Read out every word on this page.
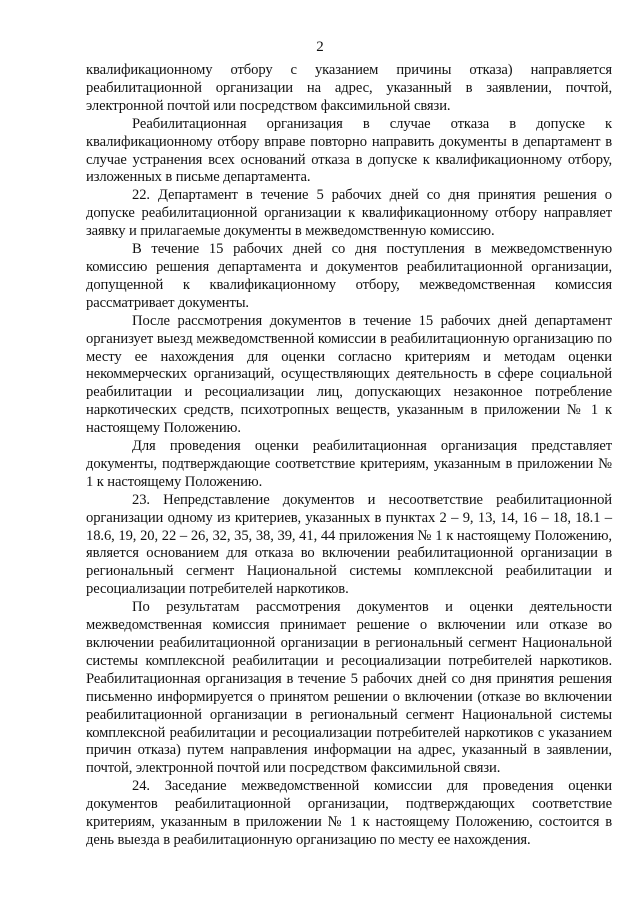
2

квалификационному отбору с указанием причины отказа) направляется реабилитационной организации на адрес, указанный в заявлении, почтой, электронной почтой или посредством факсимильной связи.

Реабилитационная организация в случае отказа в допуске к квалификационному отбору вправе повторно направить документы в департамент в случае устранения всех оснований отказа в допуске к квалификационному отбору, изложенных в письме департамента.

22. Департамент в течение 5 рабочих дней со дня принятия решения о допуске реабилитационной организации к квалификационному отбору направляет заявку и прилагаемые документы в межведомственную комиссию.

В течение 15 рабочих дней со дня поступления в межведомственную комиссию решения департамента и документов реабилитационной организации, допущенной к квалификационному отбору, межведомственная комиссия рассматривает документы.

После рассмотрения документов в течение 15 рабочих дней департамент организует выезд межведомственной комиссии в реабилитационную организацию по месту ее нахождения для оценки согласно критериям и методам оценки некоммерческих организаций, осуществляющих деятельность в сфере социальной реабилитации и ресоциализации лиц, допускающих незаконное потребление наркотических средств, психотропных веществ, указанным в приложении № 1 к настоящему Положению.

Для проведения оценки реабилитационная организация представляет документы, подтверждающие соответствие критериям, указанным в приложении № 1 к настоящему Положению.

23. Непредставление документов и несоответствие реабилитационной организации одному из критериев, указанных в пунктах 2 – 9, 13, 14, 16 – 18, 18.1 – 18.6, 19, 20, 22 – 26, 32, 35, 38, 39, 41, 44 приложения № 1 к настоящему Положению, является основанием для отказа во включении реабилитационной организации в региональный сегмент Национальной системы комплексной реабилитации и ресоциализации потребителей наркотиков.

По результатам рассмотрения документов и оценки деятельности межведомственная комиссия принимает решение о включении или отказе во включении реабилитационной организации в региональный сегмент Национальной системы комплексной реабилитации и ресоциализации потребителей наркотиков. Реабилитационная организация в течение 5 рабочих дней со дня принятия решения письменно информируется о принятом решении о включении (отказе во включении реабилитационной организации в региональный сегмент Национальной системы комплексной реабилитации и ресоциализации потребителей наркотиков с указанием причин отказа) путем направления информации на адрес, указанный в заявлении, почтой, электронной почтой или посредством факсимильной связи.

24. Заседание межведомственной комиссии для проведения оценки документов реабилитационной организации, подтверждающих соответствие критериям, указанным в приложении № 1 к настоящему Положению, состоится в день выезда в реабилитационную организацию по месту ее нахождения.
